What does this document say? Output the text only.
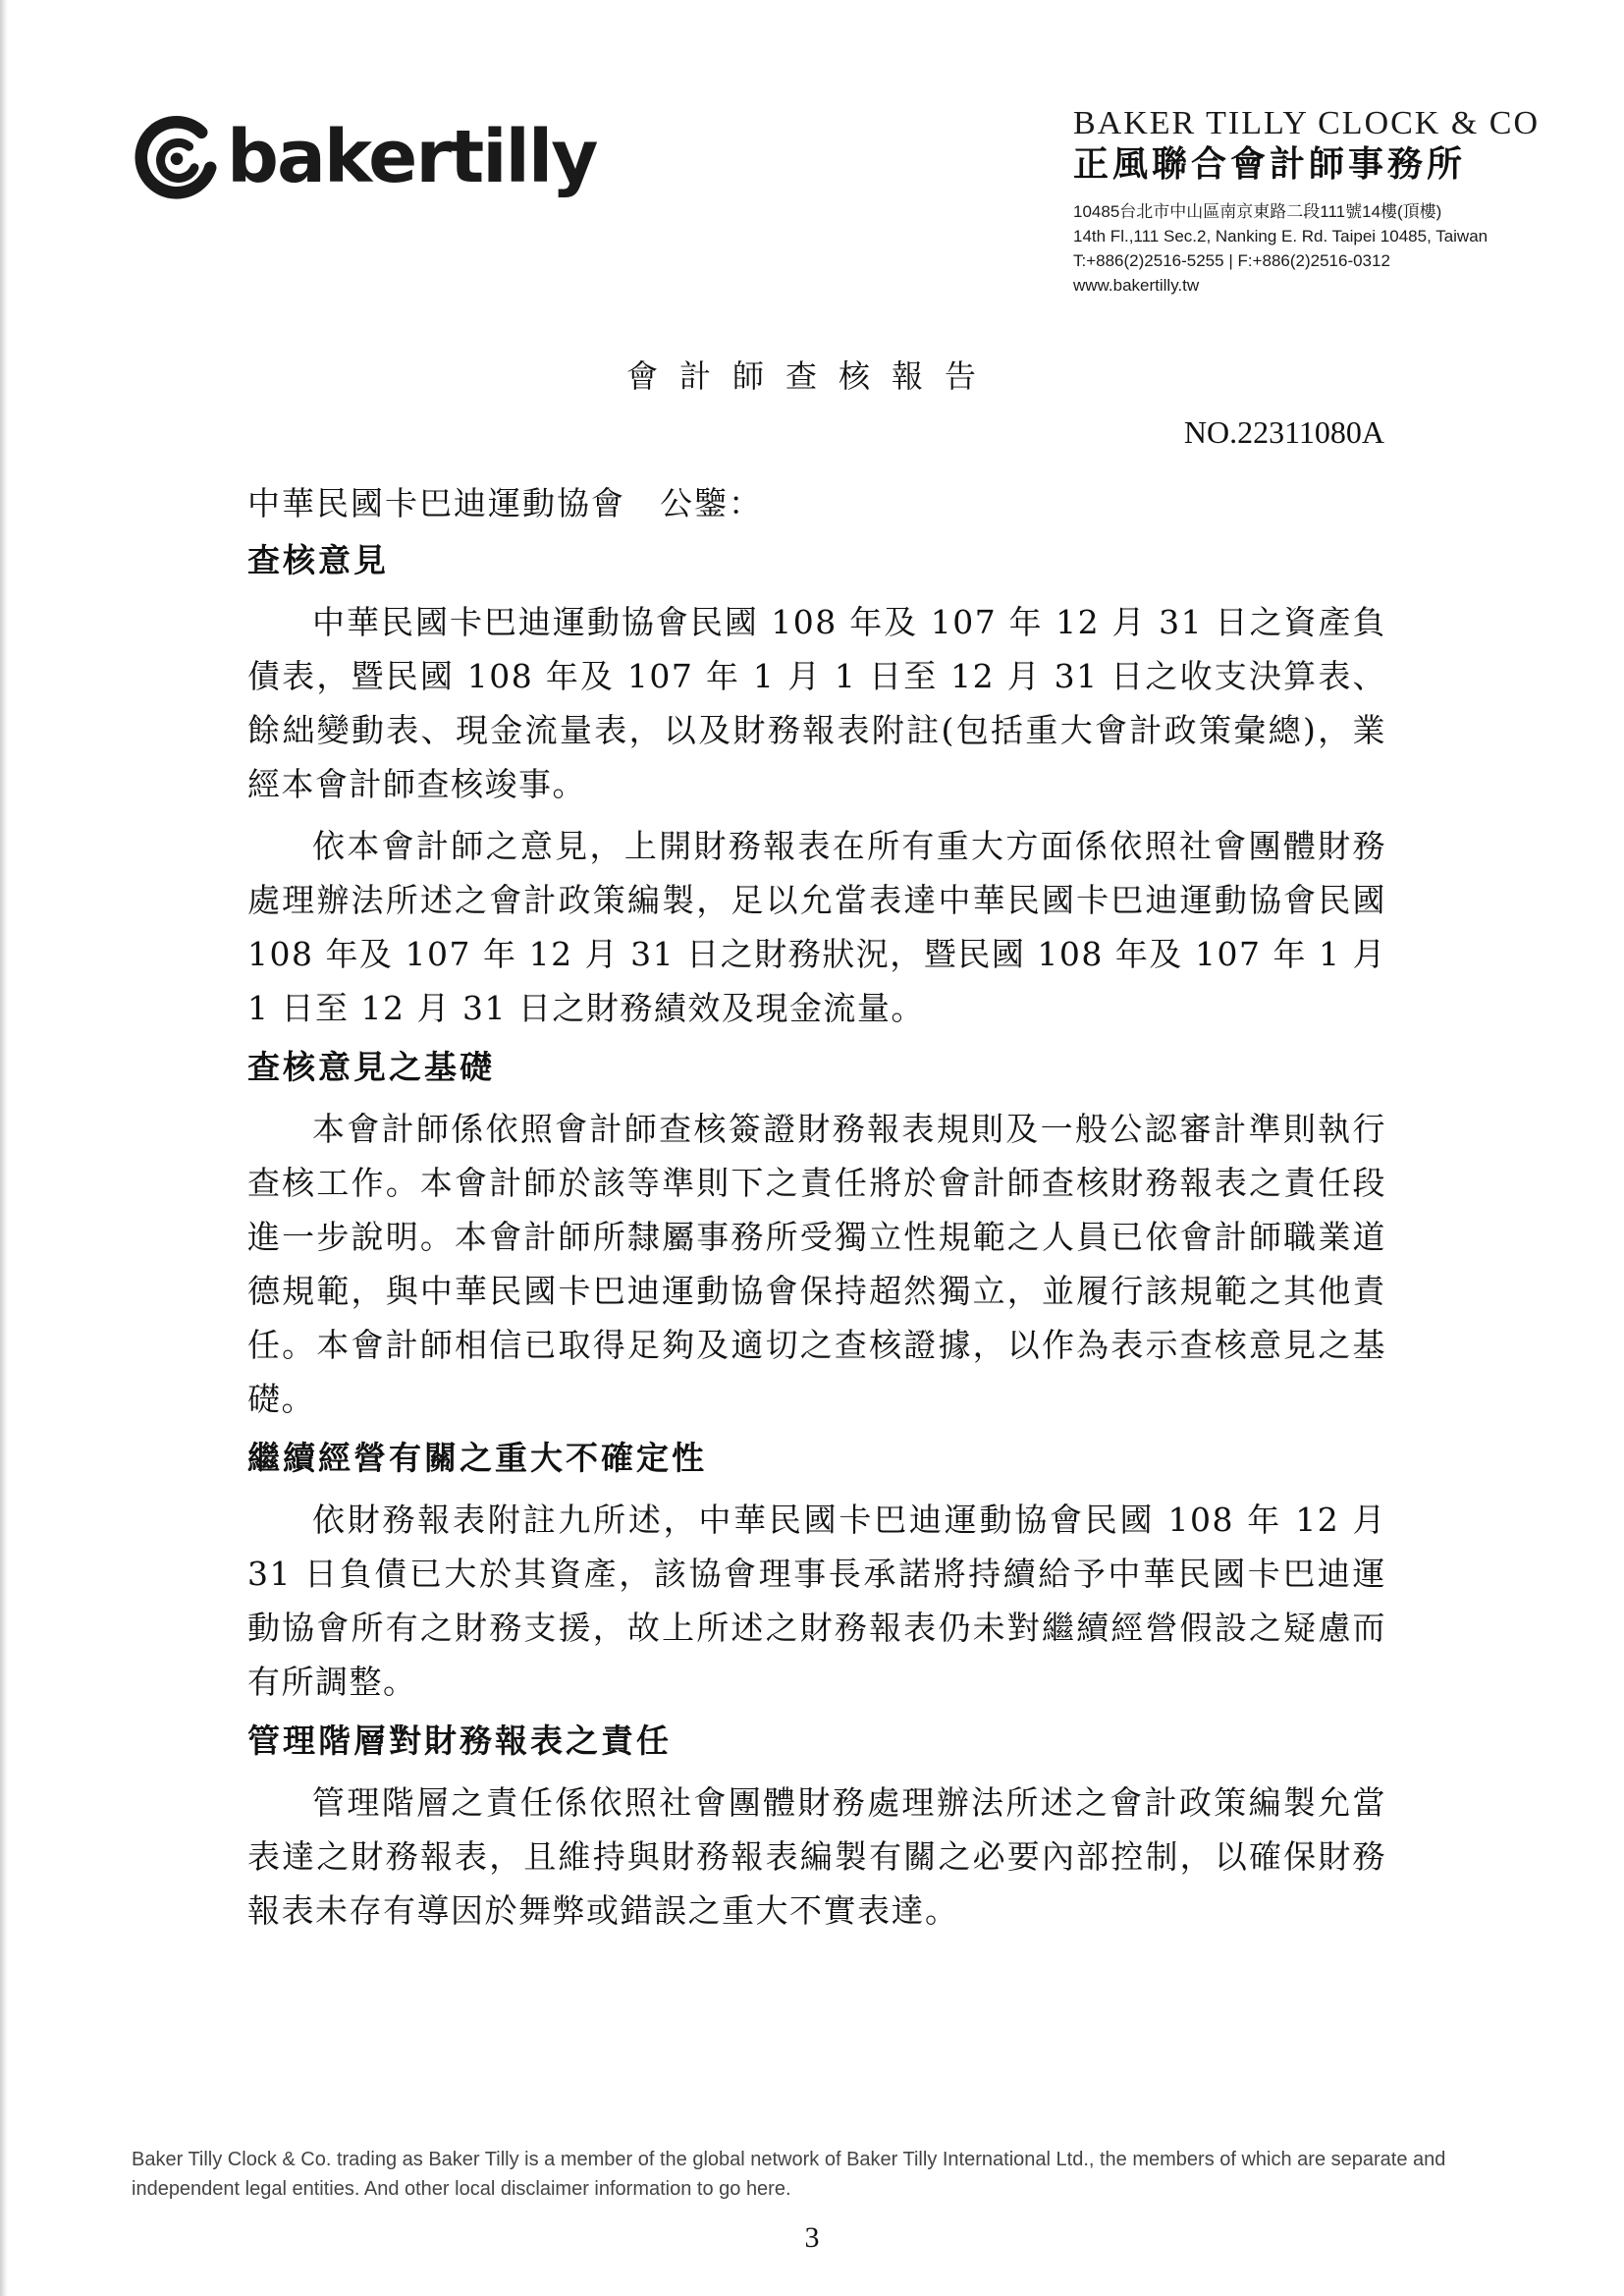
bakertilly	BAKER TILLY CLOCK & CO
正風聯合會計師事務所
10485台北市中山區南京東路二段111號14樓(頂樓)
14th Fl.,111 Sec.2, Nanking E. Rd. Taipei 10485, Taiwan
T:+886(2)2516-5255 | F:+886(2)2516-0312
www.bakertilly.tw
會計師查核報告
NO.22311080A
中華民國卡巴迪運動協會　公鑒：
查核意見
中華民國卡巴迪運動協會民國 108 年及 107 年 12 月 31 日之資產負債表，暨民國 108 年及 107 年 1 月 1 日至 12 月 31 日之收支決算表、餘絀變動表、現金流量表，以及財務報表附註(包括重大會計政策彙總)，業經本會計師查核竣事。
依本會計師之意見，上開財務報表在所有重大方面係依照社會團體財務處理辦法所述之會計政策編製，足以允當表達中華民國卡巴迪運動協會民國 108 年及 107 年 12 月 31 日之財務狀況，暨民國 108 年及 107 年 1 月 1 日至 12 月 31 日之財務績效及現金流量。
查核意見之基礎
本會計師係依照會計師查核簽證財務報表規則及一般公認審計準則執行查核工作。本會計師於該等準則下之責任將於會計師查核財務報表之責任段進一步說明。本會計師所隸屬事務所受獨立性規範之人員已依會計師職業道德規範，與中華民國卡巴迪運動協會保持超然獨立，並履行該規範之其他責任。本會計師相信已取得足夠及適切之查核證據，以作為表示查核意見之基礎。
繼續經營有關之重大不確定性
依財務報表附註九所述，中華民國卡巴迪運動協會民國 108 年 12 月 31 日負債已大於其資產，該協會理事長承諾將持續給予中華民國卡巴迪運動協會所有之財務支援，故上所述之財務報表仍未對繼續經營假設之疑慮而有所調整。
管理階層對財務報表之責任
管理階層之責任係依照社會團體財務處理辦法所述之會計政策編製允當表達之財務報表，且維持與財務報表編製有關之必要內部控制，以確保財務報表未存有導因於舞弊或錯誤之重大不實表達。
Baker Tilly Clock & Co. trading as Baker Tilly is a member of the global network of Baker Tilly International Ltd., the members of which are separate and independent legal entities. And other local disclaimer information to go here.
3
